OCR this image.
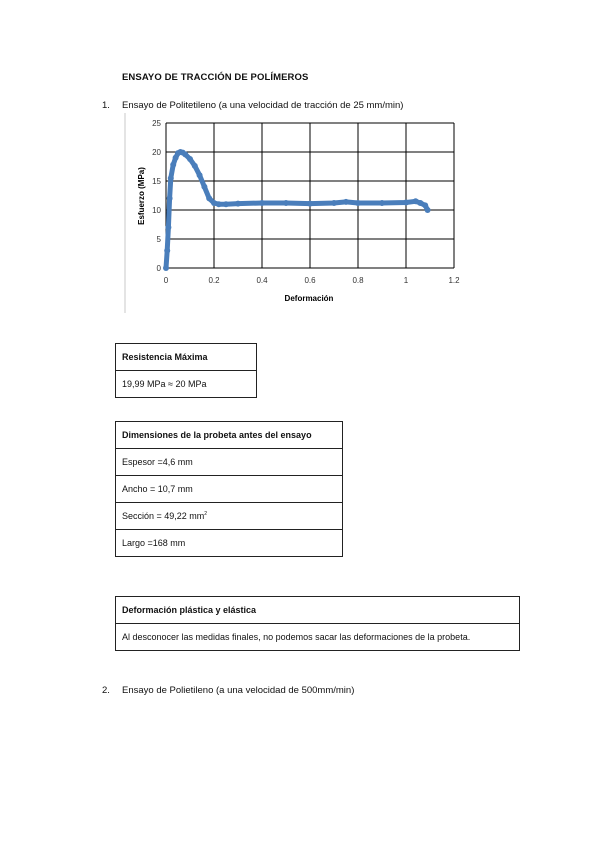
ENSAYO DE TRACCIÓN DE POLÍMEROS
1. Ensayo de Politetileno (a una velocidad de tracción de 25 mm/min)
0
5
10
15
20
25
0	0.2	0.4	0.6	0.8	1	1.2
Deformación
Esfuerzo (MPa)
Resistencia Máxima
19,99 MPa ≈ 20 MPa
Dimensiones de la probeta antes del ensayo
Espesor =4,6 mm
Ancho = 10,7 mm
Sección = 49,22 $mm^2$
Largo =168 mm
Deformación plástica y elástica
Al desconocer las medidas finales, no podemos sacar las deformaciones de la probeta.
2. Ensayo de Polietileno (a una velocidad de 500mm/min)
